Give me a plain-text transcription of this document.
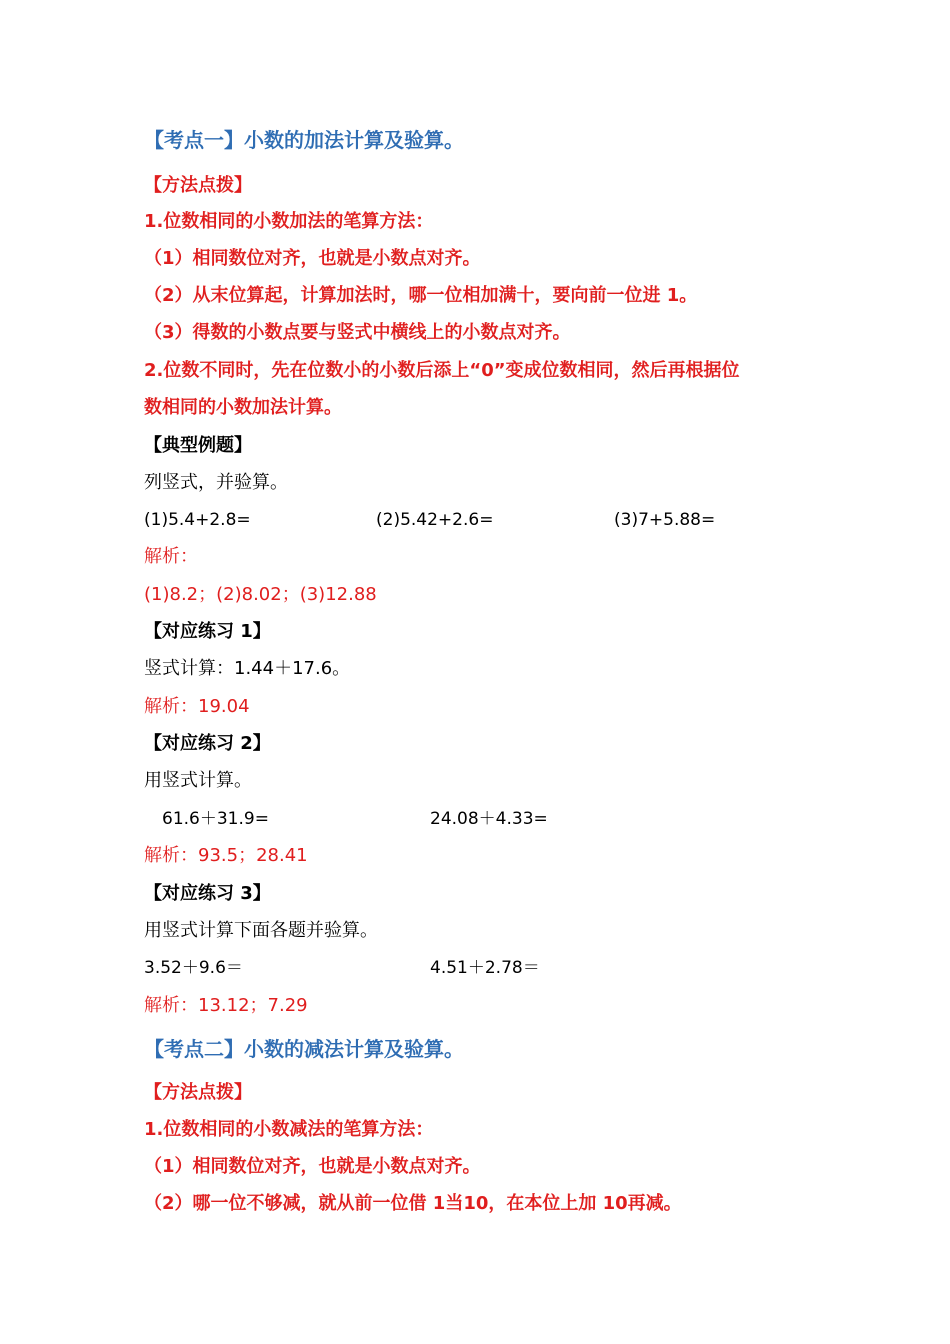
【考点一】小数的加法计算及验算。
【方法点拨】
1.位数相同的小数加法的笔算方法：
（1）相同数位对齐，也就是小数点对齐。
（2）从末位算起，计算加法时，哪一位相加满十，要向前一位进 1。
（3）得数的小数点要与竖式中横线上的小数点对齐。
2.位数不同时，先在位数小的小数后添上“0”变成位数相同，然后再根据位
数相同的小数加法计算。
【典型例题】
列竖式，并验算。
(1)5.4+2.8=	(2)5.42+2.6=	(3)7+5.88=
解析：
(1)8.2；(2)8.02；(3)12.88
【对应练习 1】
竖式计算：1.44＋17.6。
解析：19.04
【对应练习 2】
用竖式计算。
61.6＋31.9=	24.08＋4.33=
解析：93.5；28.41
【对应练习 3】
用竖式计算下面各题并验算。
3.52＋9.6＝	4.51＋2.78＝
解析：13.12；7.29
【考点二】小数的减法计算及验算。
【方法点拨】
1.位数相同的小数减法的笔算方法：
（1）相同数位对齐，也就是小数点对齐。
（2）哪一位不够减，就从前一位借 1当10，在本位上加 10再减。
